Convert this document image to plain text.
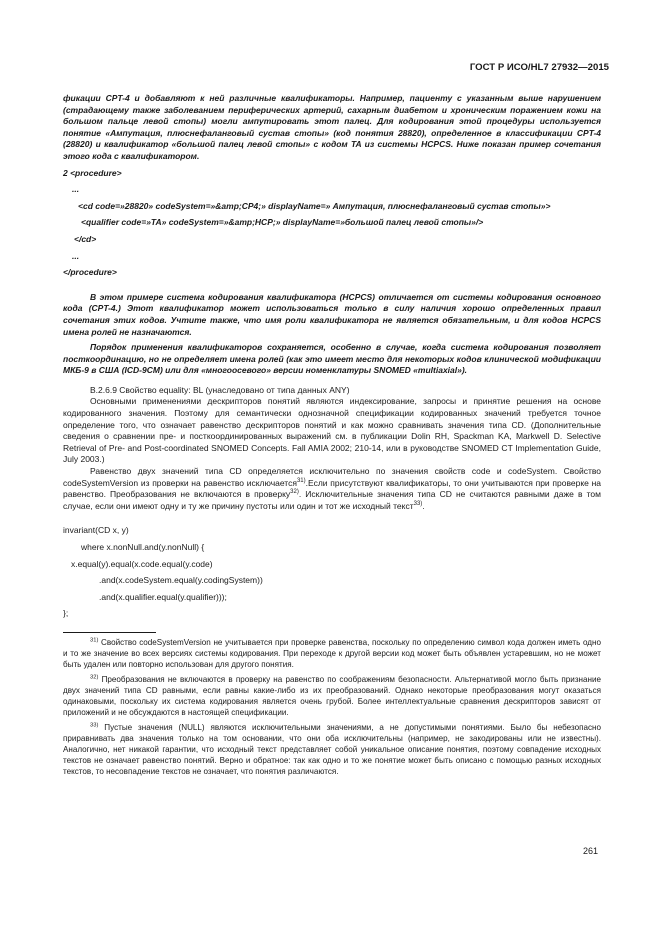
ГОСТ Р ИСО/HL7 27932—2015

фикации CPT-4 и добавляют к ней различные квалификаторы. Например, пациенту с указанным выше нарушением (страдающему также заболеванием периферических артерий, сахарным диабетом и хроническим поражением кожи на большом пальце левой стопы) могли ампутировать этот палец. Для кодирования этой процедуры используется понятие «Ампутация, плюснефаланговый сустав стопы» (код понятия 28820), определенное в классификации CPT-4 (28820) и квалификатор «большой палец левой стопы» с кодом TA из системы HCPCS. Ниже показан пример сочетания этого кода с квалификатором.

2 <procedure>

...

<cd code=»28820» codeSystem=»&amp;CP4;» displayName=» Ампутация, плюснефаланговый сустав стопы»>

<qualifier code=»TA» codeSystem=»&amp;HCP;» displayName=»большой палец левой стопы»/>

</cd>

...

</procedure>

В этом примере система кодирования квалификатора (HCPCS) отличается от системы кодирования основного кода (CPT-4.) Этот квалификатор может использоваться только в силу наличия хорошо определенных правил сочетания этих кодов. Учтите также, что имя роли квалификатора не является обязательным, и для кодов HCPCS имена ролей не назначаются.

Порядок применения квалификаторов сохраняется, особенно в случае, когда система кодирования позволяет посткоординацию, но не определяет имена ролей (как это имеет место для некоторых кодов клинической модификации МКБ-9 в США (ICD-9CM) или для «многоосевого» версии номенклатуры SNOMED «multiaxial»).

B.2.6.9 Свойство equality: BL (унаследовано от типа данных ANY)

Основными применениями дескрипторов понятий являются индексирование, запросы и принятие решения на основе кодированного значения. Поэтому для семантически однозначной спецификации кодированных значений требуется точное определение того, что означает равенство дескрипторов понятий и как можно сравнивать значения типа CD. (Дополнительные сведения о сравнении пре- и посткоординированных выражений см. в публикации Dolin RH, Spackman KA, Markwell D. Selective Retrieval of Pre- and Post-coordinated SNOMED Concepts. Fall AMIA 2002; 210-14, или в руководстве SNOMED CT Implementation Guide, July 2003.)

Равенство двух значений типа CD определяется исключительно по значения свойств code и codeSystem. Свойство codeSystemVersion из проверки на равенство исключается$^{31)}$.Если присутствуют квалификаторы, то они учитываются при проверке на равенство. Преобразования не включаются в проверку$^{32)}$. Исключительные значения типа CD не считаются равными даже в том случае, если они имеют одну и ту же причину пустоты или один и тот же исходный текст$^{33)}$.

invariant(CD x, y)

where x.nonNull.and(y.nonNull) {

x.equal(y).equal(x.code.equal(y.code)

.and(x.codeSystem.equal(y.codingSystem))

.and(x.qualifier.equal(y.qualifier)));

};

$^{31)}$ Свойство codeSystemVersion не учитывается при проверке равенства, поскольку по определению символ кода должен иметь одно и то же значение во всех версиях системы кодирования. При переходе к другой версии код может быть объявлен устаревшим, но не может быть удален или повторно использован для другого понятия.

$^{32)}$ Преобразования не включаются в проверку на равенство по соображениям безопасности. Альтернативой могло быть признание двух значений типа CD равными, если равны какие-либо из их преобразований. Однако некоторые преобразования могут оказаться одинаковыми, поскольку их система кодирования является очень грубой. Более интеллектуальные сравнения дескрипторов зависят от приложений и не обсуждаются в настоящей спецификации.

$^{33)}$ Пустые значения (NULL) являются исключительными значениями, а не допустимыми понятиями. Было бы небезопасно приравнивать два значения только на том основании, что они оба исключительны (например, не закодированы или не известны). Аналогично, нет никакой гарантии, что исходный текст представляет собой уникальное описание понятия, поэтому совпадение исходных текстов не означает равенство понятий. Верно и обратное: так как одно и то же понятие может быть описано с помощью разных исходных текстов, то несовпадение текстов не означает, что понятия различаются.

261
